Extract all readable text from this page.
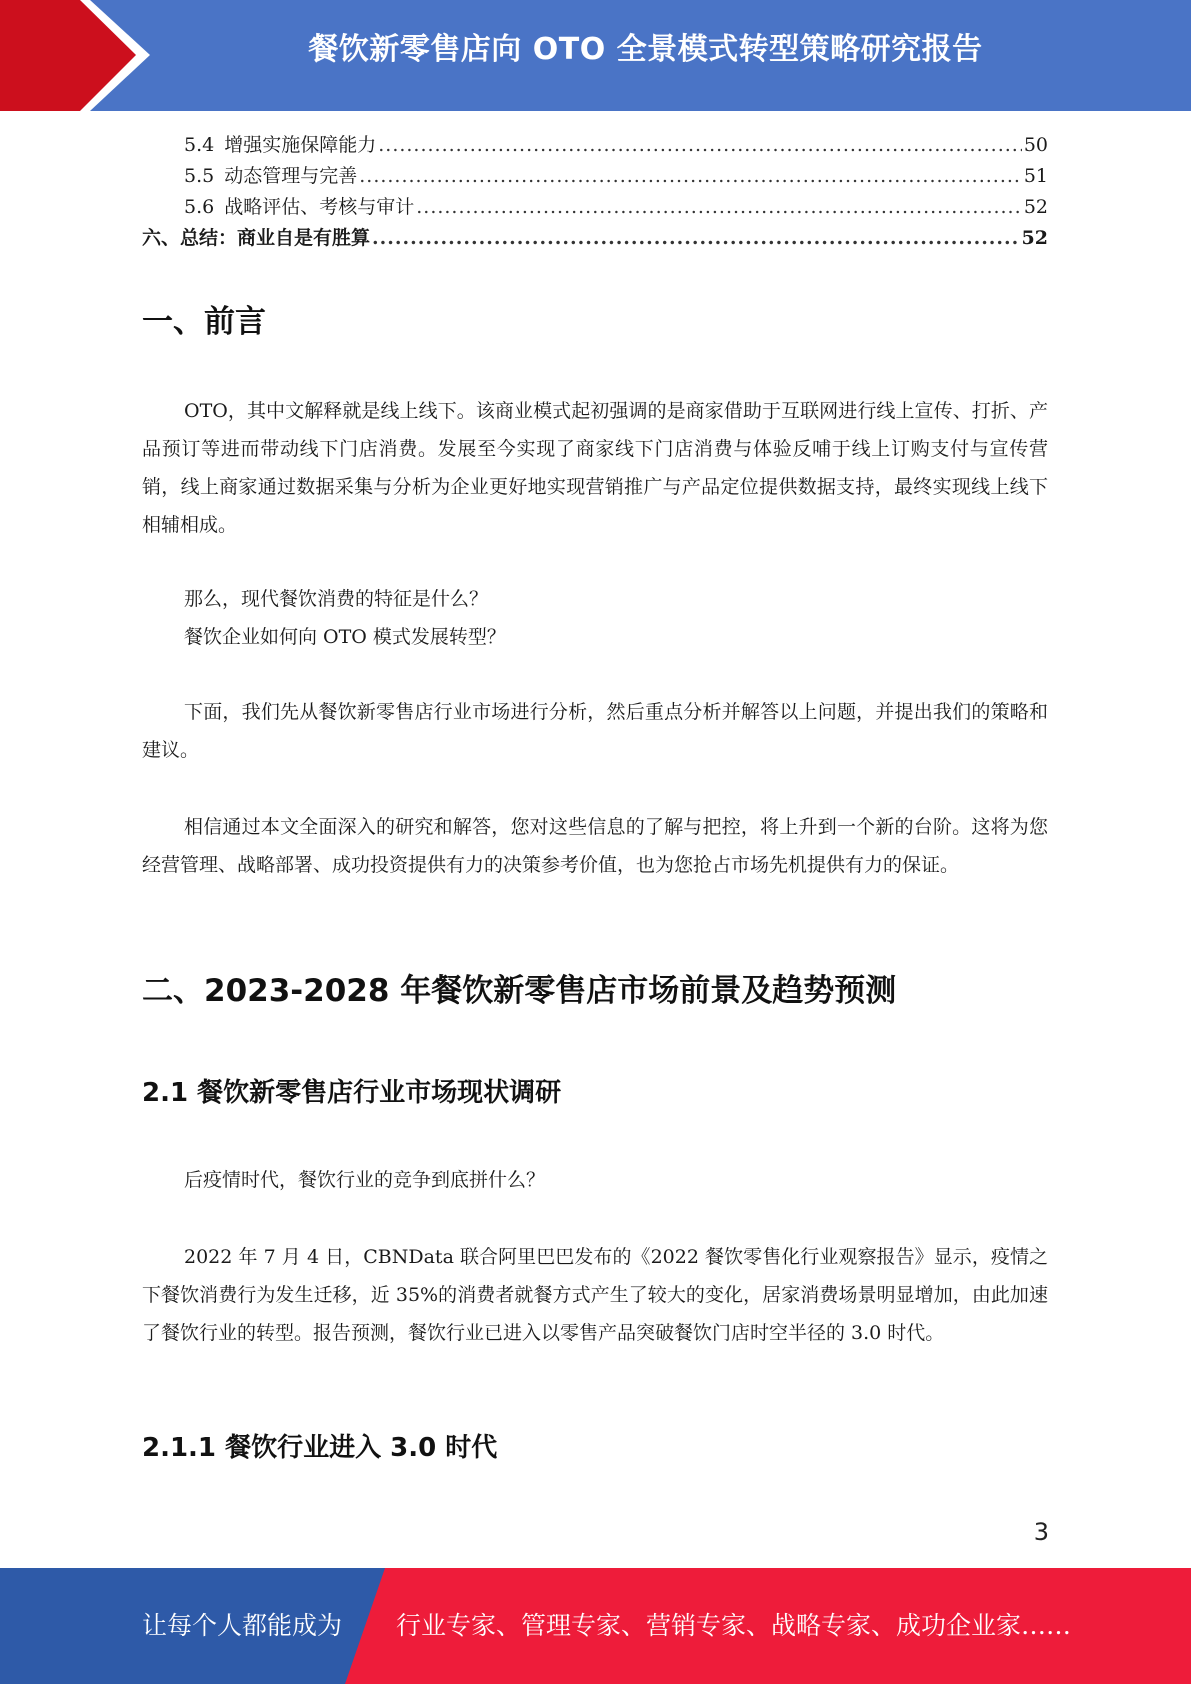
餐饮新零售店向 OTO 全景模式转型策略研究报告
5.4 增强实施保障能力 .....	50
5.5 动态管理与完善 .....	51
5.6 战略评估、考核与审计 .....	52
六、总结：商业自是有胜算 .....	52
一、前言
OTO，其中文解释就是线上线下。该商业模式起初强调的是商家借助于互联网进行线上宣传、打折、产品预订等进而带动线下门店消费。发展至今实现了商家线下门店消费与体验反哺于线上订购支付与宣传营销，线上商家通过数据采集与分析为企业更好地实现营销推广与产品定位提供数据支持，最终实现线上线下相辅相成。
那么，现代餐饮消费的特征是什么？
餐饮企业如何向 OTO 模式发展转型？
下面，我们先从餐饮新零售店行业市场进行分析，然后重点分析并解答以上问题，并提出我们的策略和建议。
相信通过本文全面深入的研究和解答，您对这些信息的了解与把控，将上升到一个新的台阶。这将为您经营管理、战略部署、成功投资提供有力的决策参考价值，也为您抢占市场先机提供有力的保证。
二、2023-2028 年餐饮新零售店市场前景及趋势预测
2.1 餐饮新零售店行业市场现状调研
后疫情时代，餐饮行业的竞争到底拼什么？
2022 年 7 月 4 日，CBNData 联合阿里巴巴发布的《2022 餐饮零售化行业观察报告》显示，疫情之下餐饮消费行为发生迁移，近 35%的消费者就餐方式产生了较大的变化，居家消费场景明显增加，由此加速了餐饮行业的转型。报告预测，餐饮行业已进入以零售产品突破餐饮门店时空半径的 3.0 时代。
2.1.1 餐饮行业进入 3.0 时代
3
让每个人都能成为 行业专家、管理专家、营销专家、战略专家、成功企业家……
